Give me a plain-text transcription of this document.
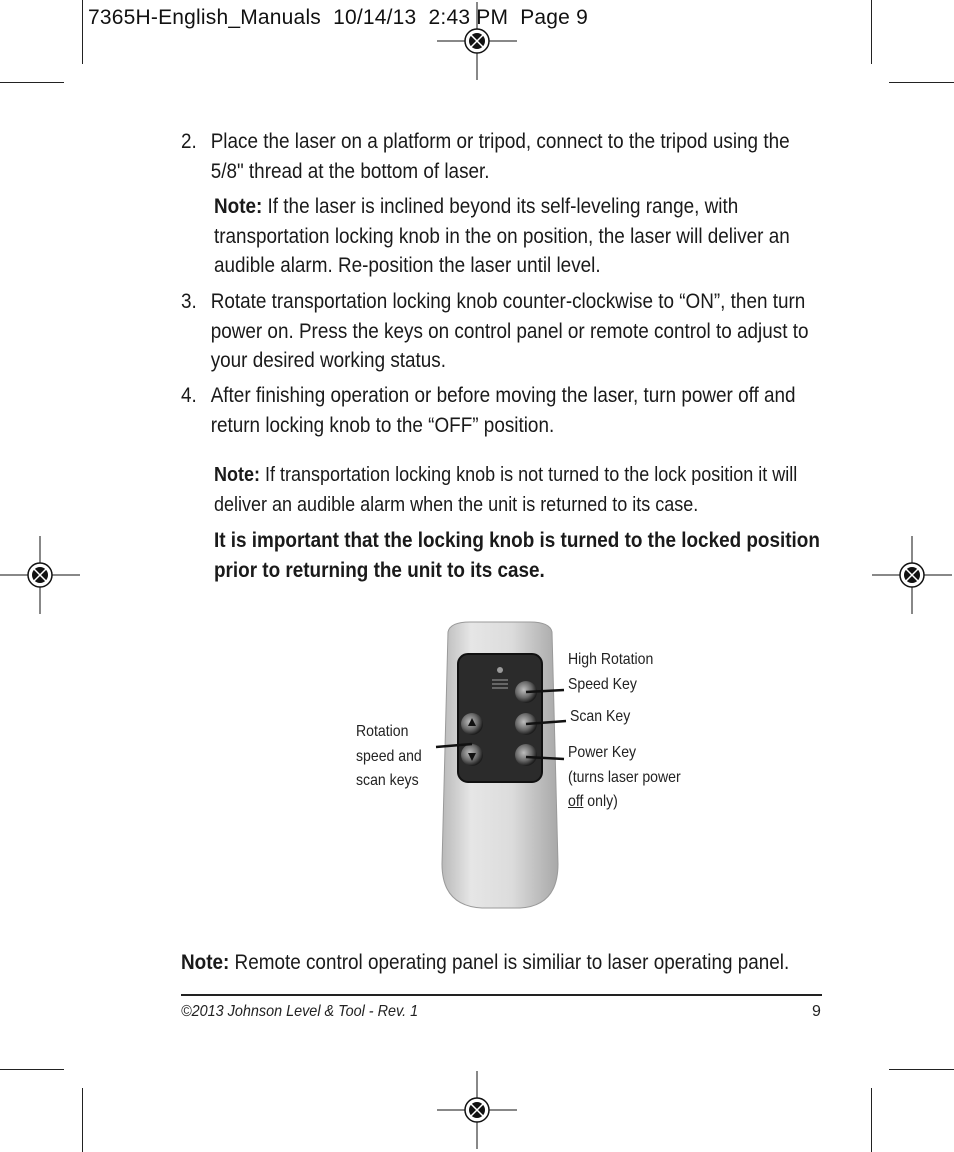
7365H-English_Manuals 10/14/13 2:43 PM Page 9
2. Place the laser on a platform or tripod, connect to the tripod using the 5/8" thread at the bottom of laser.
Note: If the laser is inclined beyond its self-leveling range, with transportation locking knob in the on position, the laser will deliver an audible alarm. Re-position the laser until level.
3. Rotate transportation locking knob counter-clockwise to “ON”, then turn power on. Press the keys on control panel or remote control to adjust to your desired working status.
4. After finishing operation or before moving the laser, turn power off and return locking knob to the “OFF” position.
Note: If transportation locking knob is not turned to the lock position it will deliver an audible alarm when the unit is returned to its case.
It is important that the locking knob is turned to the locked position prior to returning the unit to its case.
Rotation
speed and
scan keys
High Rotation
Speed Key
Scan Key
Power Key
(turns laser power
off only)
Note: Remote control operating panel is similiar to laser operating panel.
©2013 Johnson Level & Tool - Rev. 1	9
